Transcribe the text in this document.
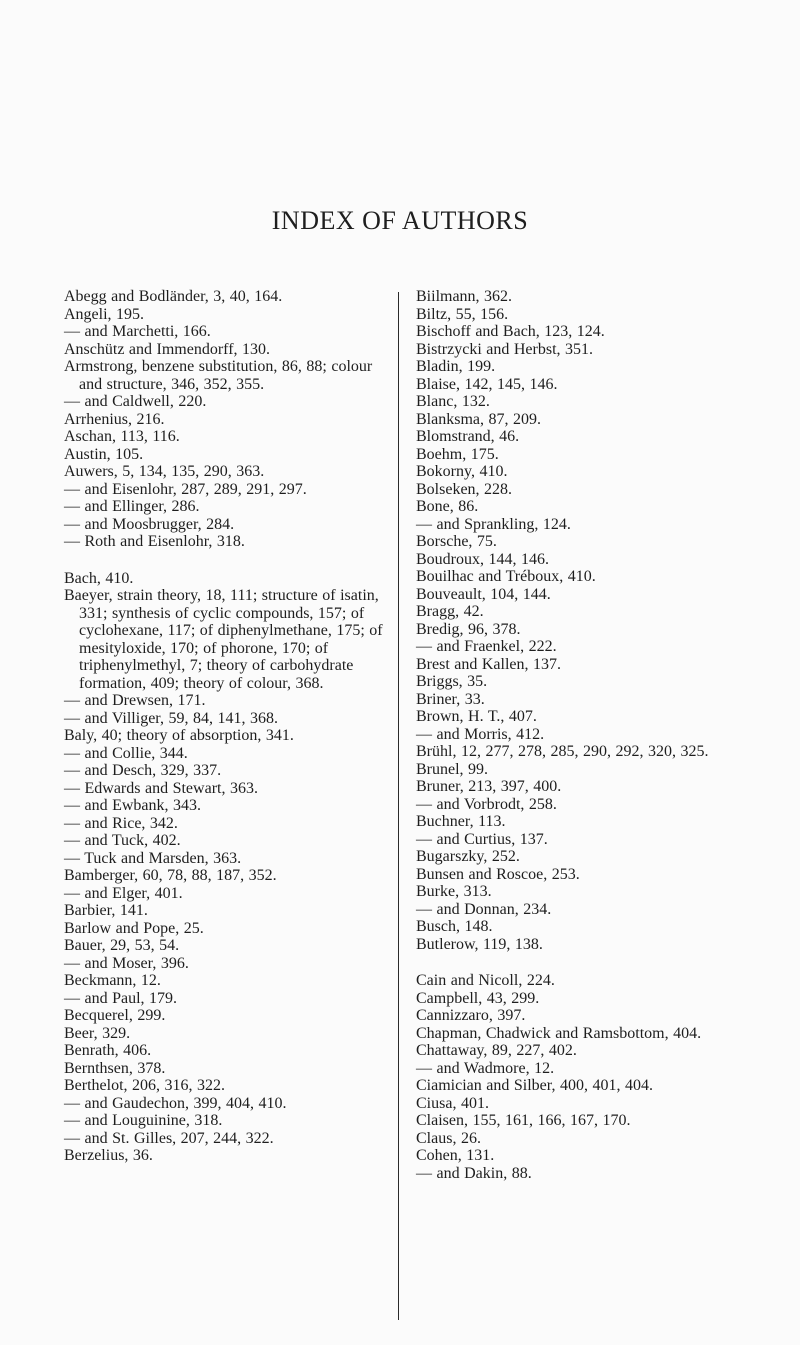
INDEX OF AUTHORS
Abegg and Bodländer, 3, 40, 164.
Angeli, 195.
— and Marchetti, 166.
Anschütz and Immendorff, 130.
Armstrong, benzene substitution, 86, 88; colour and structure, 346, 352, 355.
— and Caldwell, 220.
Arrhenius, 216.
Aschan, 113, 116.
Austin, 105.
Auwers, 5, 134, 135, 290, 363.
— and Eisenlohr, 287, 289, 291, 297.
— and Ellinger, 286.
— and Moosbrugger, 284.
— Roth and Eisenlohr, 318.
Bach, 410.
Baeyer, strain theory, 18, 111; structure of isatin, 331; synthesis of cyclic compounds, 157; of cyclohexane, 117; of diphenylmethane, 175; of mesityloxide, 170; of phorone, 170; of triphenylmethyl, 7; theory of carbohydrate formation, 409; theory of colour, 368.
— and Drewsen, 171.
— and Villiger, 59, 84, 141, 368.
Baly, 40; theory of absorption, 341.
— and Collie, 344.
— and Desch, 329, 337.
— Edwards and Stewart, 363.
— and Ewbank, 343.
— and Rice, 342.
— and Tuck, 402.
— Tuck and Marsden, 363.
Bamberger, 60, 78, 88, 187, 352.
— and Elger, 401.
Barbier, 141.
Barlow and Pope, 25.
Bauer, 29, 53, 54.
— and Moser, 396.
Beckmann, 12.
— and Paul, 179.
Becquerel, 299.
Beer, 329.
Benrath, 406.
Bernthsen, 378.
Berthelot, 206, 316, 322.
— and Gaudechon, 399, 404, 410.
— and Louguinine, 318.
— and St. Gilles, 207, 244, 322.
Berzelius, 36.
Biilmann, 362.
Biltz, 55, 156.
Bischoff and Bach, 123, 124.
Bistrzycki and Herbst, 351.
Bladin, 199.
Blaise, 142, 145, 146.
Blanc, 132.
Blanksma, 87, 209.
Blomstrand, 46.
Boehm, 175.
Bokorny, 410.
Bolseken, 228.
Bone, 86.
— and Sprankling, 124.
Borsche, 75.
Boudroux, 144, 146.
Bouilhac and Tréboux, 410.
Bouveault, 104, 144.
Bragg, 42.
Bredig, 96, 378.
— and Fraenkel, 222.
Brest and Kallen, 137.
Briggs, 35.
Briner, 33.
Brown, H. T., 407.
— and Morris, 412.
Brühl, 12, 277, 278, 285, 290, 292, 320, 325.
Brunel, 99.
Bruner, 213, 397, 400.
— and Vorbrodt, 258.
Buchner, 113.
— and Curtius, 137.
Bugarszky, 252.
Bunsen and Roscoe, 253.
Burke, 313.
— and Donnan, 234.
Busch, 148.
Butlerow, 119, 138.
Cain and Nicoll, 224.
Campbell, 43, 299.
Cannizzaro, 397.
Chapman, Chadwick and Ramsbottom, 404.
Chattaway, 89, 227, 402.
— and Wadmore, 12.
Ciamician and Silber, 400, 401, 404.
Ciusa, 401.
Claisen, 155, 161, 166, 167, 170.
Claus, 26.
Cohen, 131.
— and Dakin, 88.
